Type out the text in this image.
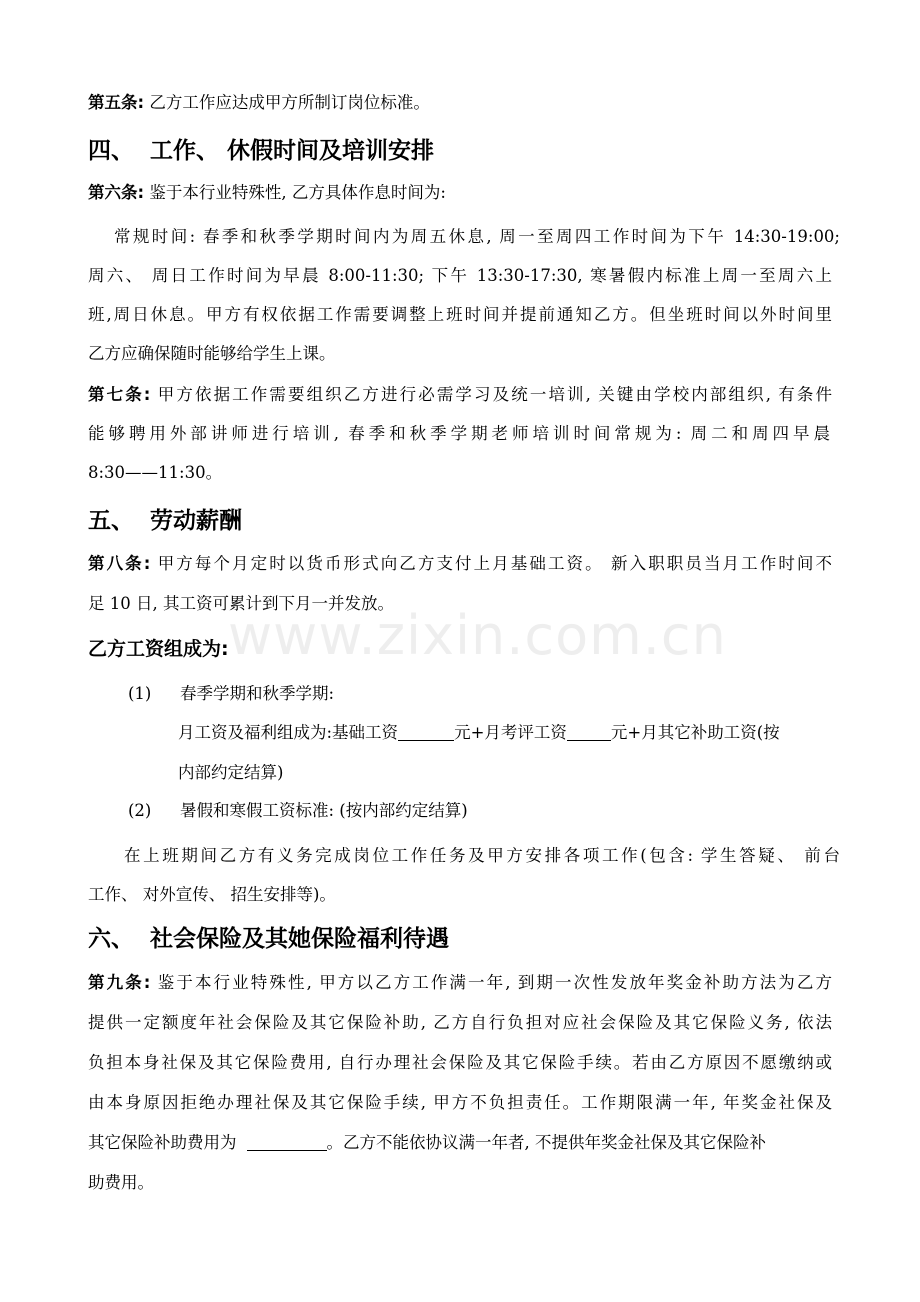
第五条: 乙方工作应达成甲方所制订岗位标准。
四、 工作、 休假时间及培训安排
第六条: 鉴于本行业特殊性, 乙方具体作息时间为:
常规时间: 春季和秋季学期时间内为周五休息, 周一至周四工作时间为下午 14:30-19:00;
周六、 周日工作时间为早晨 8:00-11:30; 下午 13:30-17:30, 寒暑假内标准上周一至周六上
班,周日休息。甲方有权依据工作需要调整上班时间并提前通知乙方。但坐班时间以外时间里
乙方应确保随时能够给学生上课。
第七条: 甲方依据工作需要组织乙方进行必需学习及统一培训, 关键由学校内部组织, 有条件
能够聘用外部讲师进行培训, 春季和秋季学期老师培训时间常规为: 周二和周四早晨
8:30——11:30。
五、 劳动薪酬
第八条: 甲方每个月定时以货币形式向乙方支付上月基础工资。 新入职职员当月工作时间不
足 10 日, 其工资可累计到下月一并发放。
乙方工资组成为:
(1) 春季学期和秋季学期:
月工资及福利组成为:基础工资	元+月考评工资	元+月其它补助工资(按
内部约定结算)
(2) 暑假和寒假工资标准: (按内部约定结算)
在上班期间乙方有义务完成岗位工作任务及甲方安排各项工作(包含: 学生答疑、 前台
工作、 对外宣传、 招生安排等)。
六、 社会保险及其她保险福利待遇
第九条: 鉴于本行业特殊性, 甲方以乙方工作满一年, 到期一次性发放年奖金补助方法为乙方
提供一定额度年社会保险及其它保险补助, 乙方自行负担对应社会保险及其它保险义务, 依法
负担本身社保及其它保险费用, 自行办理社会保险及其它保险手续。若由乙方原因不愿缴纳或
由本身原因拒绝办理社保及其它保险手续, 甲方不负担责任。工作期限满一年, 年奖金社保及
其它保险补助费用为	。乙方不能依协议满一年者, 不提供年奖金社保及其它保险补
助费用。
www.zixin.com.cn
